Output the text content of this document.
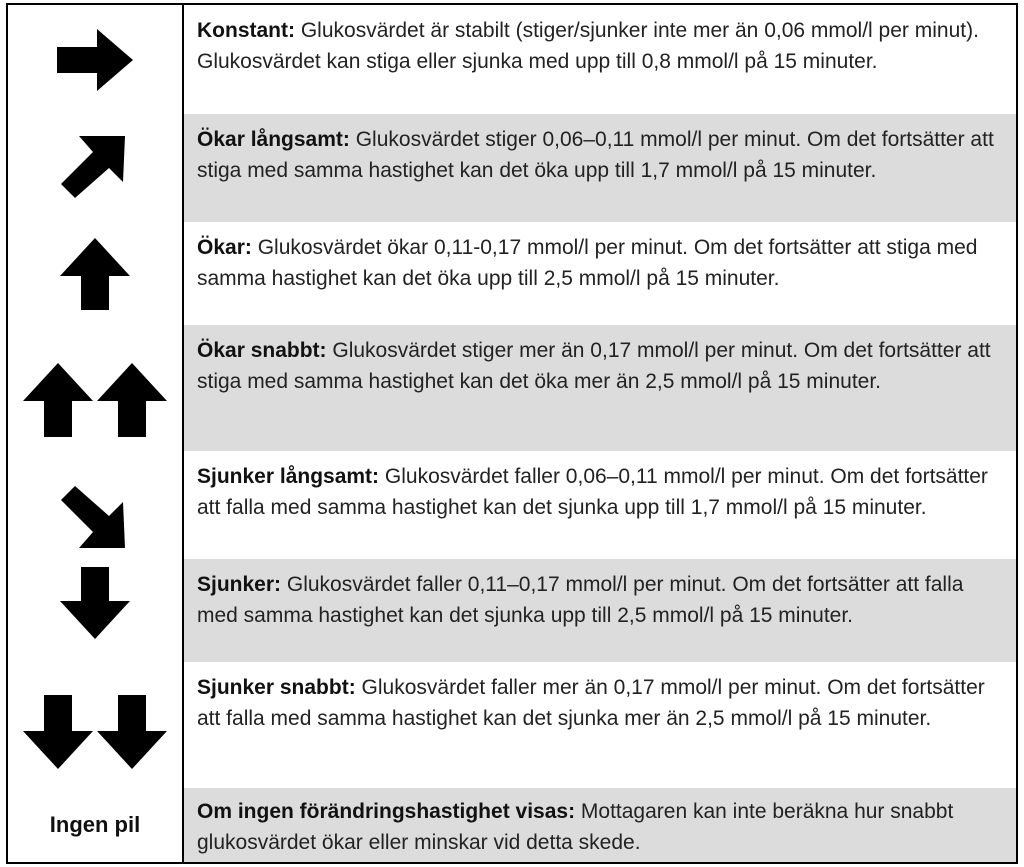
Konstant: Glukosvärdet är stabilt (stiger/sjunker inte mer än 0,06 mmol/l per minut). Glukosvärdet kan stiga eller sjunka med upp till 0,8 mmol/l på 15 minuter.
Ökar långsamt: Glukosvärdet stiger 0,06–0,11 mmol/l per minut. Om det fortsätter att stiga med samma hastighet kan det öka upp till 1,7 mmol/l på 15 minuter.
Ökar: Glukosvärdet ökar 0,11-0,17 mmol/l per minut. Om det fortsätter att stiga med samma hastighet kan det öka upp till 2,5 mmol/l på 15 minuter.
Ökar snabbt: Glukosvärdet stiger mer än 0,17 mmol/l per minut. Om det fortsätter att stiga med samma hastighet kan det öka mer än 2,5 mmol/l på 15 minuter.
Sjunker långsamt: Glukosvärdet faller 0,06–0,11 mmol/l per minut. Om det fortsätter att falla med samma hastighet kan det sjunka upp till 1,7 mmol/l på 15 minuter.
Sjunker: Glukosvärdet faller 0,11–0,17 mmol/l per minut. Om det fortsätter att falla med samma hastighet kan det sjunka upp till 2,5 mmol/l på 15 minuter.
Sjunker snabbt: Glukosvärdet faller mer än 0,17 mmol/l per minut. Om det fortsätter att falla med samma hastighet kan det sjunka mer än 2,5 mmol/l på 15 minuter.
Ingen pil
Om ingen förändringshastighet visas: Mottagaren kan inte beräkna hur snabbt glukosvärdet ökar eller minskar vid detta skede.
